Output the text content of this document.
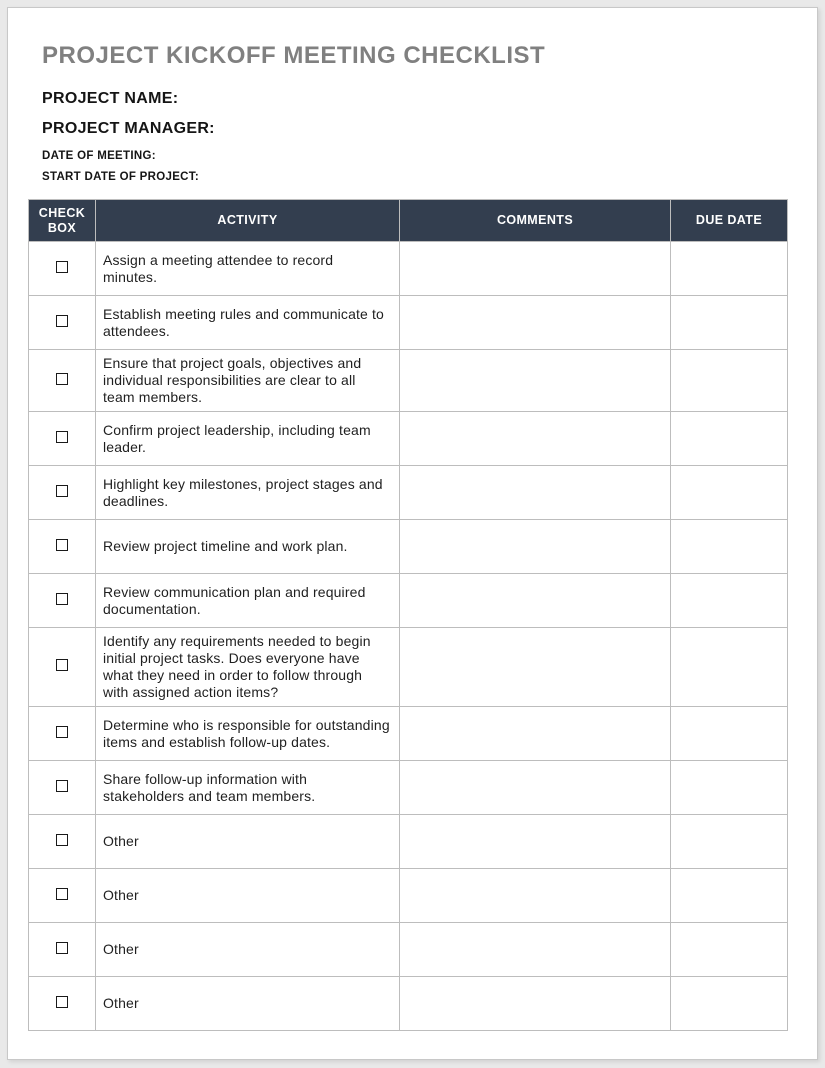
PROJECT KICKOFF MEETING CHECKLIST
PROJECT NAME:
PROJECT MANAGER:
DATE OF MEETING:
START DATE OF PROJECT:
CHECK BOX	ACTIVITY	COMMENTS	DUE DATE
	Assign a meeting attendee to record minutes.		
	Establish meeting rules and communicate to attendees.		
	Ensure that project goals, objectives and individual responsibilities are clear to all team members.		
	Confirm project leadership, including team leader.		
	Highlight key milestones, project stages and deadlines.		
	Review project timeline and work plan.		
	Review communication plan and required documentation.		
	Identify any requirements needed to begin initial project tasks. Does everyone have what they need in order to follow through with assigned action items?		
	Determine who is responsible for outstanding items and establish follow-up dates.		
	Share follow-up information with stakeholders and team members.		
	Other		
	Other		
	Other		
	Other		
